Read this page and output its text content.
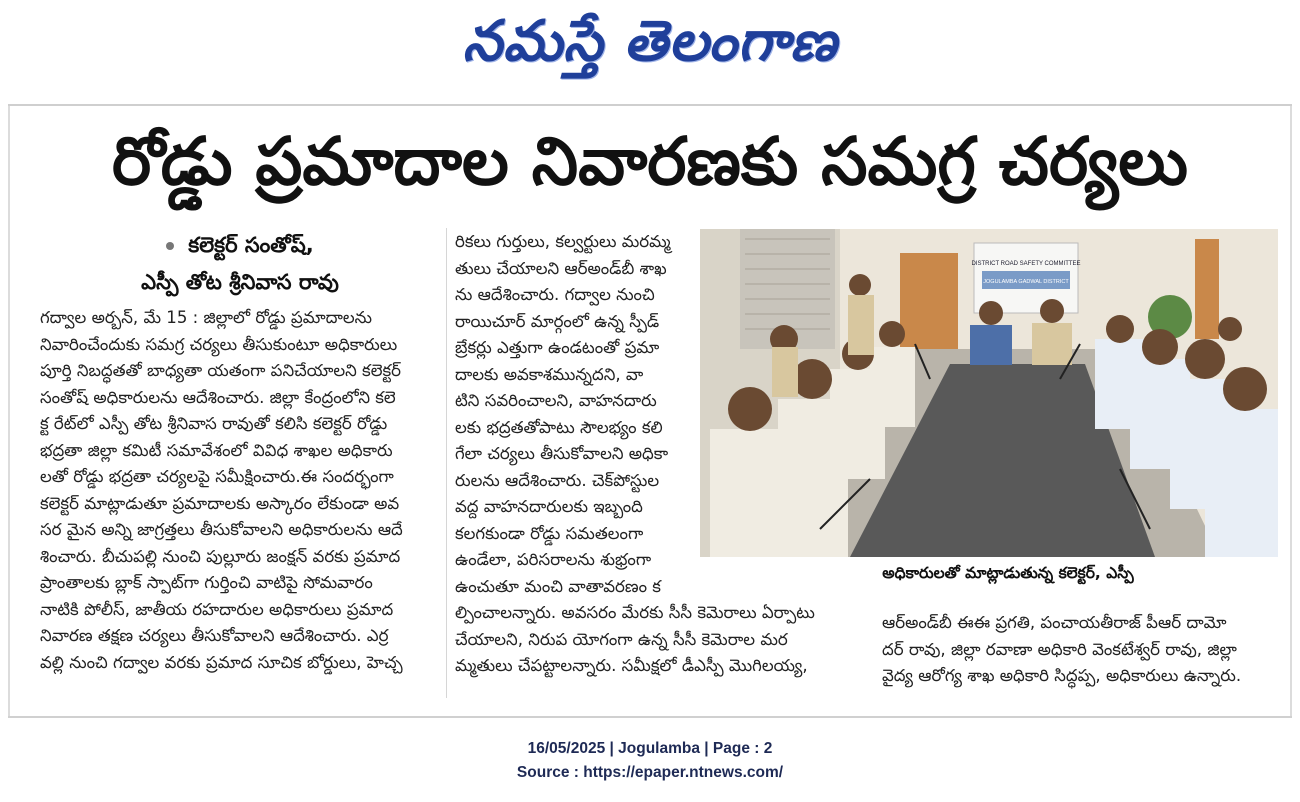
నమస్తే తెలంగాణ
రోడ్డు ప్రమాదాల నివారణకు సమగ్ర చర్యలు
కలెక్టర్‌ సంతోష్‌,
ఎస్పీ తోట శ్రీనివాస రావు
గద్వాల అర్బన్‌, మే 15 : జిల్లాలో రోడ్డు ప్రమాదాలను
నివారించేందుకు సమగ్ర చర్యలు తీసుకుంటూ అధికారులు
పూర్తి నిబద్ధతతో బాధ్యతా యతంగా పనిచేయాలని కలెక్టర్‌
సంతోష్‌ అధికారులను ఆదేశించారు. జిల్లా కేంద్రంలోని కలె
క్ట రేట్‌లో ఎస్పీ తోట శ్రీనివాస రావుతో కలిసి కలెక్టర్‌ రోడ్డు
భద్రతా జిల్లా కమిటీ సమావేశంలో వివిధ శాఖల అధికారు
లతో రోడ్డు భద్రతా చర్యలపై సమీక్షించారు.ఈ సందర్భంగా
కలెక్టర్‌ మాట్లాడుతూ ప్రమాదాలకు అస్కారం లేకుండా అవ
సర మైన అన్ని జాగ్రత్తలు తీసుకోవాలని అధికారులను ఆదే
శించారు. బీచుపల్లి నుంచి పుల్లూరు జంక్షన్‌ వరకు ప్రమాద
ప్రాంతాలకు బ్లాక్‌ స్పాట్‌గా గుర్తించి వాటిపై సోమవారం
నాటికి పోలీస్‌, జాతీయ రహదారుల అధికారులు ప్రమాద
నివారణ తక్షణ చర్యలు తీసుకోవాలని ఆదేశించారు. ఎర్ర
వల్లి నుంచి గద్వాల వరకు ప్రమాద సూచిక బోర్డులు, హెచ్చ
రికలు గుర్తులు, కల్వర్టులు మరమ్మ
తులు చేయాలని ఆర్‌అండ్‌బీ శాఖ
ను ఆదేశించారు. గద్వాల నుంచి
రాయిచూర్‌ మార్గంలో ఉన్న స్పీడ్‌
బ్రేకర్లు ఎత్తుగా ఉండటంతో ప్రమా
దాలకు అవకాశమున్నదని, వా
టిని సవరించాలని, వాహనదారు
లకు భద్రతతోపాటు సౌలభ్యం కలి
గేలా చర్యలు తీసుకోవాలని అధికా
రులను ఆదేశించారు. చెక్‌పోస్టుల
వద్ద వాహనదారులకు ఇబ్బంది
కలగకుండా రోడ్డు సమతలంగా
ఉండేలా, పరిసరాలను శుభ్రంగా
ఉంచుతూ మంచి వాతావరణం క
ల్పించాలన్నారు. అవసరం మేరకు సీసీ కెమెరాలు ఏర్పాటు
చేయాలని, నిరుప యోగంగా ఉన్న సీసీ కెమెరాల మర
మ్మతులు చేపట్టాలన్నారు. సమీక్షలో డీఎస్పీ మొగిలయ్య,
DISTRICT ROAD SAFETY COMMITTEE
JOGULAMBA GADWAL DISTRICT
అధికారులతో మాట్లాడుతున్న కలెక్టర్‌, ఎస్పీ
ఆర్‌అండ్‌బీ ఈఈ ప్రగతి, పంచాయతీరాజ్‌ పీఆర్‌ దామో
దర్‌ రావు, జిల్లా రవాణా అధికారి వెంకటేశ్వర్‌ రావు, జిల్లా
వైద్య ఆరోగ్య శాఖ అధికారి సిద్ధప్ప, అధికారులు ఉన్నారు.
16/05/2025 | Jogulamba | Page : 2
Source : https://epaper.ntnews.com/
